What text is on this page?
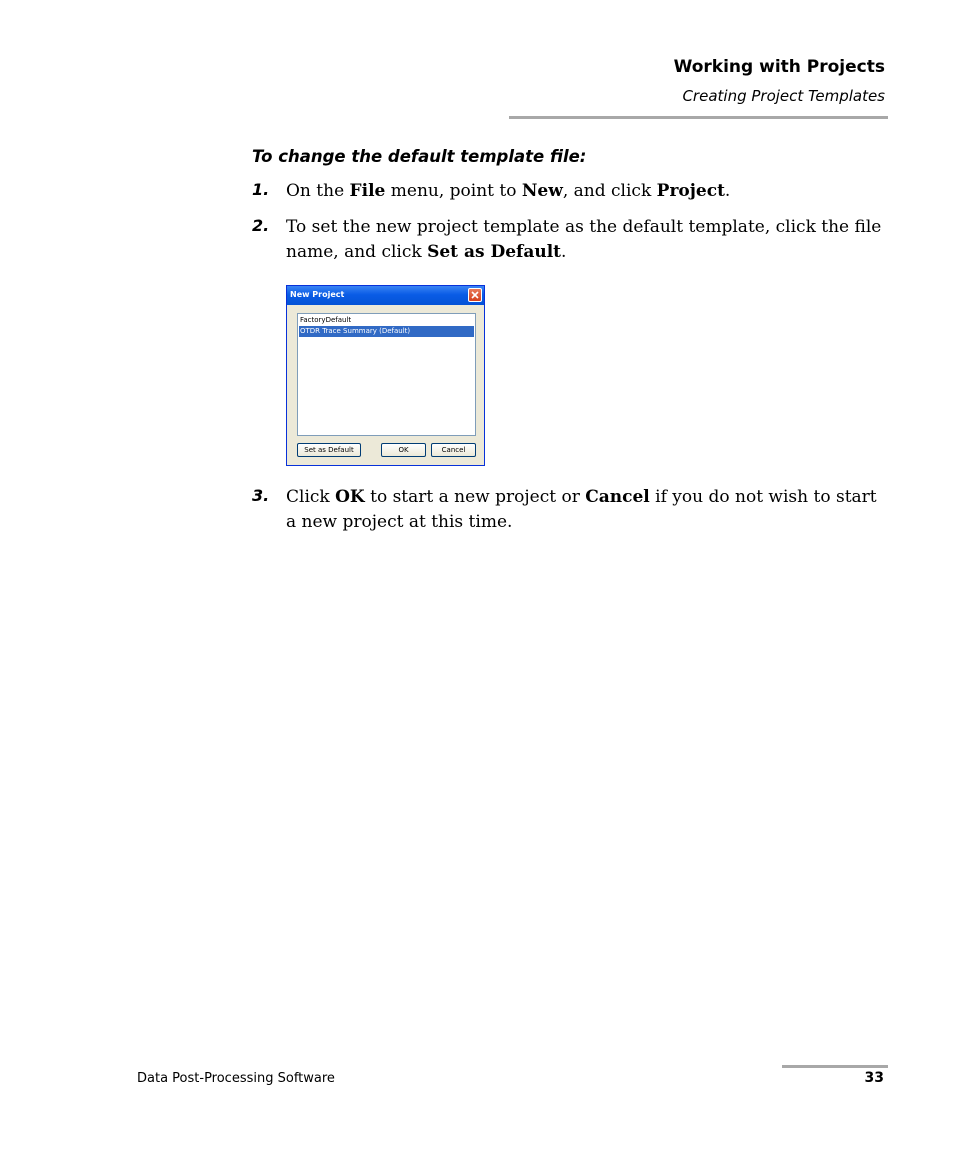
Working with Projects
Creating Project Templates
To change the default template file:
1. On the File menu, point to New, and click Project.
2. To set the new project template as the default template, click the file name, and click Set as Default.
New Project
FactoryDefault
OTDR Trace Summary (Default)
Set as Default	OK	Cancel
3. Click OK to start a new project or Cancel if you do not wish to start a new project at this time.
Data Post-Processing Software	33
